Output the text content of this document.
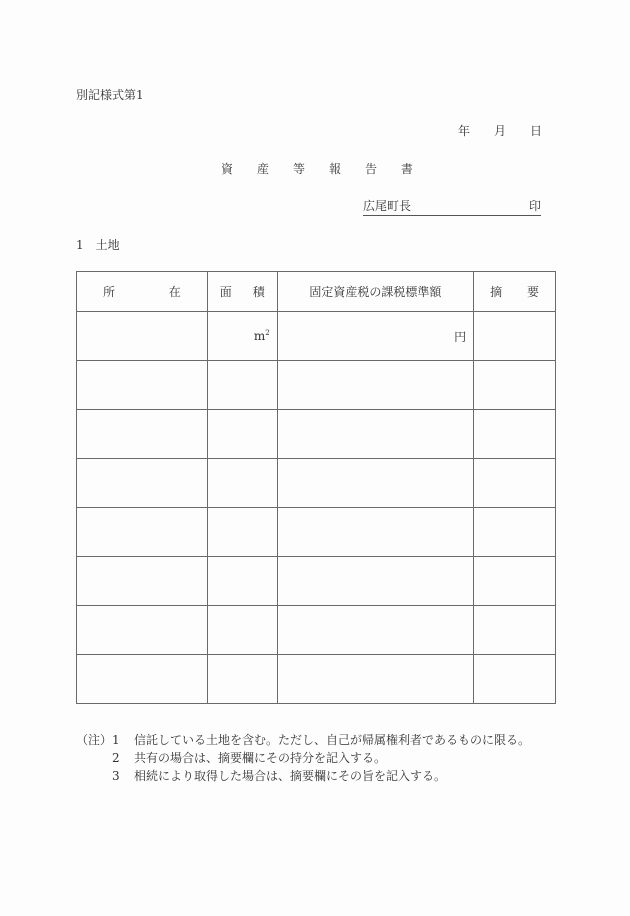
別記様式第1
年 月 日
資 産 等 報 告 書
広尾町長	印
1 土地
所 在	面 積	固定資産税の課税標準額	摘 要

	$m^2$	円	

（注） 1	信託している土地を含む。ただし、自己が帰属権利者であるものに限る。
2	共有の場合は、摘要欄にその持分を記入する。
3	相続により取得した場合は、摘要欄にその旨を記入する。
